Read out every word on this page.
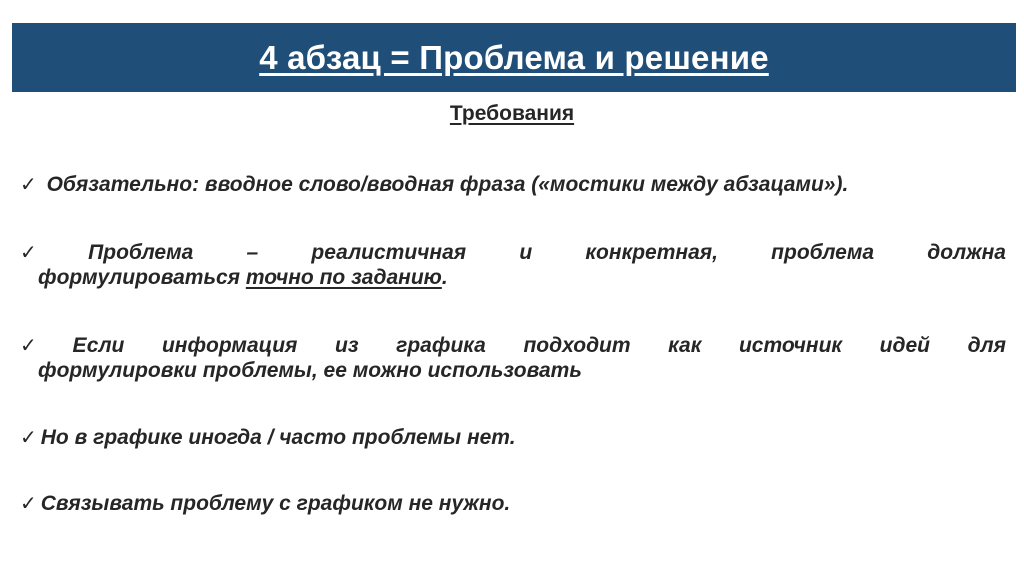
4 абзац = Проблема и решение
Требования
✓ Обязательно: вводное слово/вводная фраза («мостики между абзацами»).
✓ Проблема – реалистичная и конкретная, проблема должна
формулироваться точно по заданию.
✓ Если информация из графика подходит как источник идей для
формулировки проблемы, ее можно использовать
✓ Но в графике иногда / часто проблемы нет.
✓ Связывать проблему с графиком не нужно.
